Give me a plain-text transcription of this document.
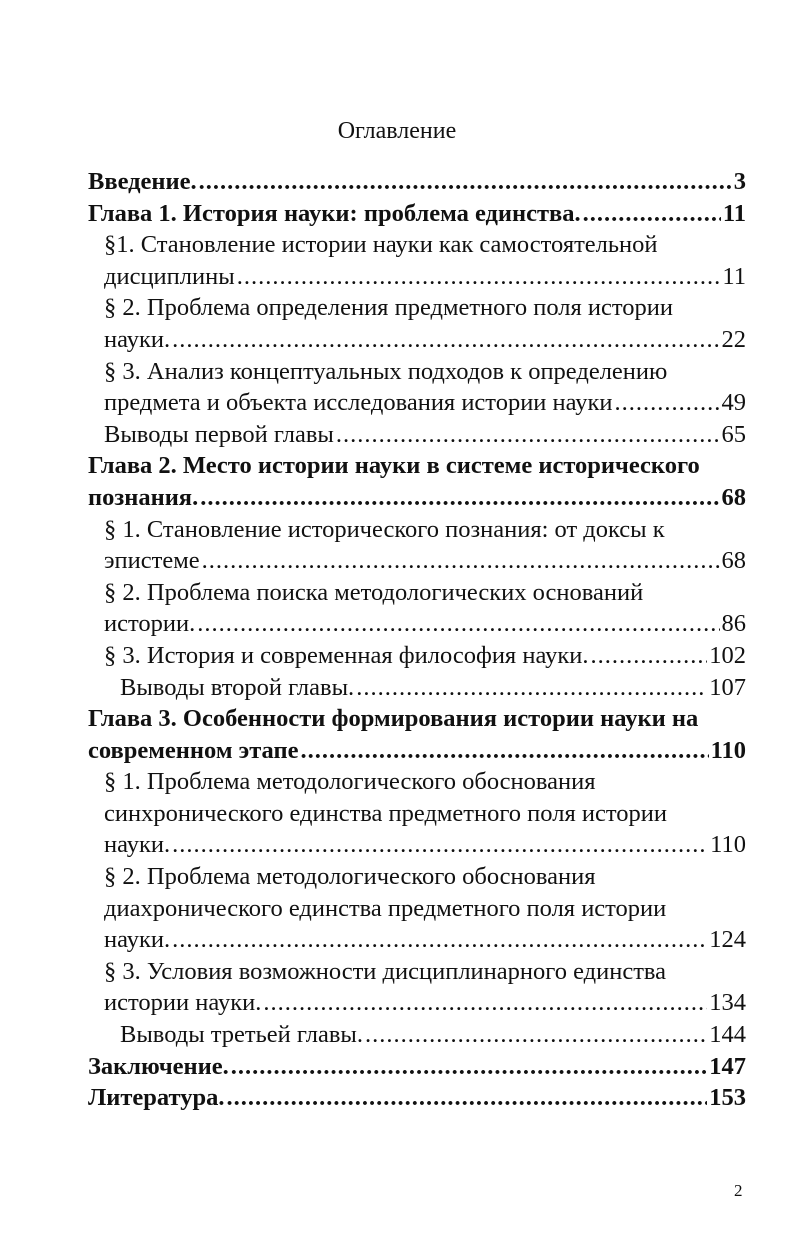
Оглавление
Введение. .....	3
Глава 1. История науки: проблема единства. .....	11
§1. Становление истории науки как самостоятельной
дисциплины .....	11
§ 2. Проблема определения предметного поля истории
науки. .....	22
§ 3. Анализ концептуальных подходов к определению
предмета и объекта исследования истории науки .....	49
Выводы первой главы .....	65
Глава 2. Место истории науки в системе исторического
познания. .....	68
§ 1. Становление исторического познания: от доксы к
эпистеме .....	68
§ 2. Проблема поиска методологических оснований
истории. .....	86
§ 3. История и современная философия науки. .....	102
Выводы второй главы. .....	107
Глава 3. Особенности формирования истории науки на
современном этапе .....	110
§ 1. Проблема методологического обоснования
синхронического единства предметного поля истории
науки. .....	110
§ 2. Проблема методологического обоснования
диахронического единства предметного поля истории
науки. .....	124
§ 3. Условия возможности дисциплинарного единства
истории науки. .....	134
Выводы третьей главы. .....	144
Заключение. .....	147
Литература. .....	153
2
